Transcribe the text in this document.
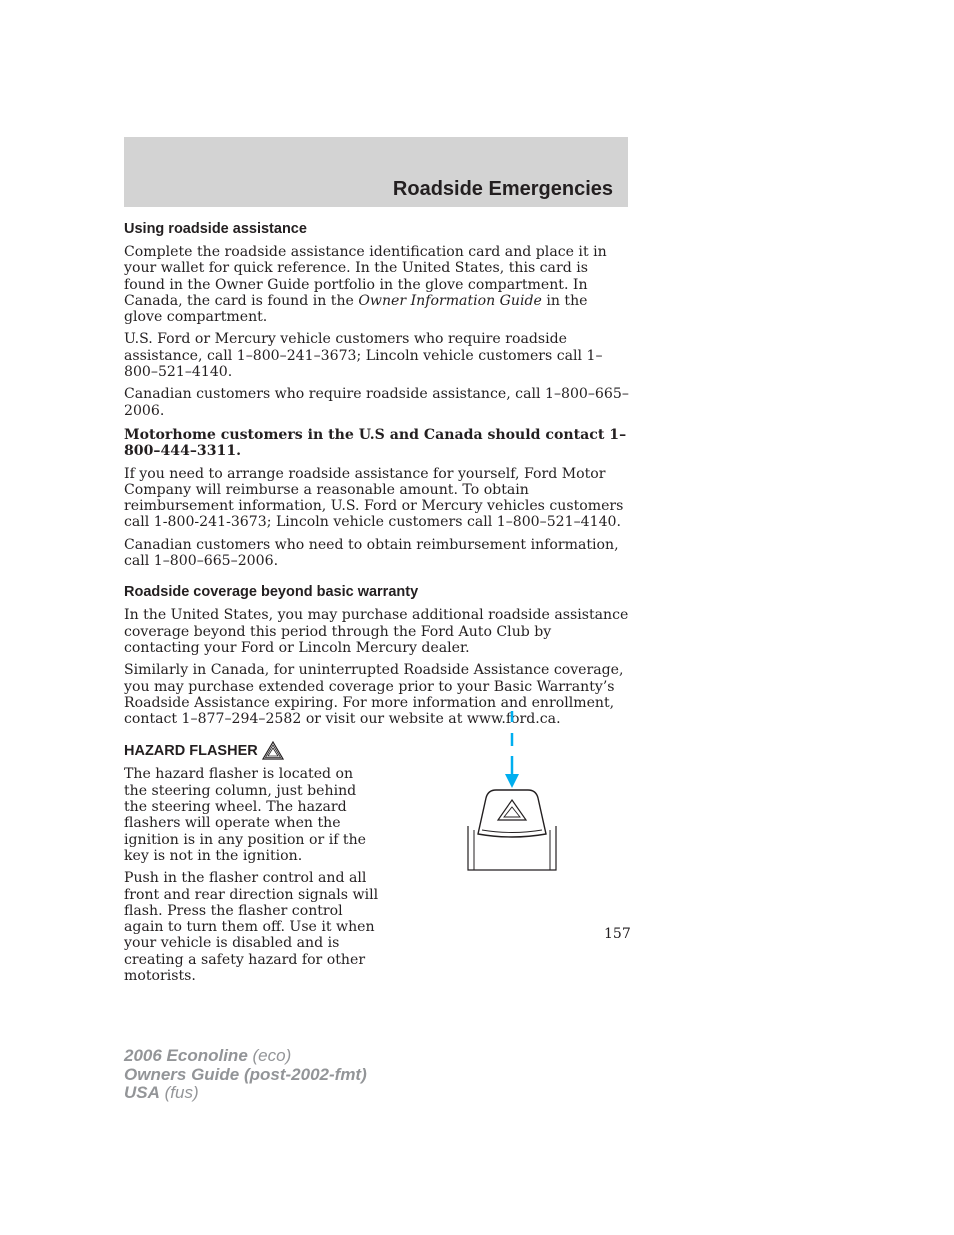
Roadside Emergencies
Using roadside assistance

Complete the roadside assistance identification card and place it in your wallet for quick reference. In the United States, this card is found in the Owner Guide portfolio in the glove compartment. In Canada, the card is found in the Owner Information Guide in the glove compartment.

U.S. Ford or Mercury vehicle customers who require roadside assistance, call 1–800–241–3673; Lincoln vehicle customers call 1–800–521–4140.

Canadian customers who require roadside assistance, call 1–800–665–2006.

Motorhome customers in the U.S and Canada should contact 1–800–444–3311.

If you need to arrange roadside assistance for yourself, Ford Motor Company will reimburse a reasonable amount. To obtain reimbursement information, U.S. Ford or Mercury vehicles customers call 1-800-241-3673; Lincoln vehicle customers call 1–800–521–4140.

Canadian customers who need to obtain reimbursement information, call 1–800–665–2006.

Roadside coverage beyond basic warranty

In the United States, you may purchase additional roadside assistance coverage beyond this period through the Ford Auto Club by contacting your Ford or Lincoln Mercury dealer.

Similarly in Canada, for uninterrupted Roadside Assistance coverage, you may purchase extended coverage prior to your Basic Warranty’s Roadside Assistance expiring. For more information and enrollment, contact 1–877–294–2582 or visit our website at www.ford.ca.

HAZARD FLASHER

The hazard flasher is located on the steering column, just behind the steering wheel. The hazard flashers will operate when the ignition is in any position or if the key is not in the ignition.

Push in the flasher control and all front and rear direction signals will flash. Press the flasher control again to turn them off. Use it when your vehicle is disabled and is creating a safety hazard for other motorists.

157
2006 Econoline (eco)
Owners Guide (post-2002-fmt)
USA (fus)
